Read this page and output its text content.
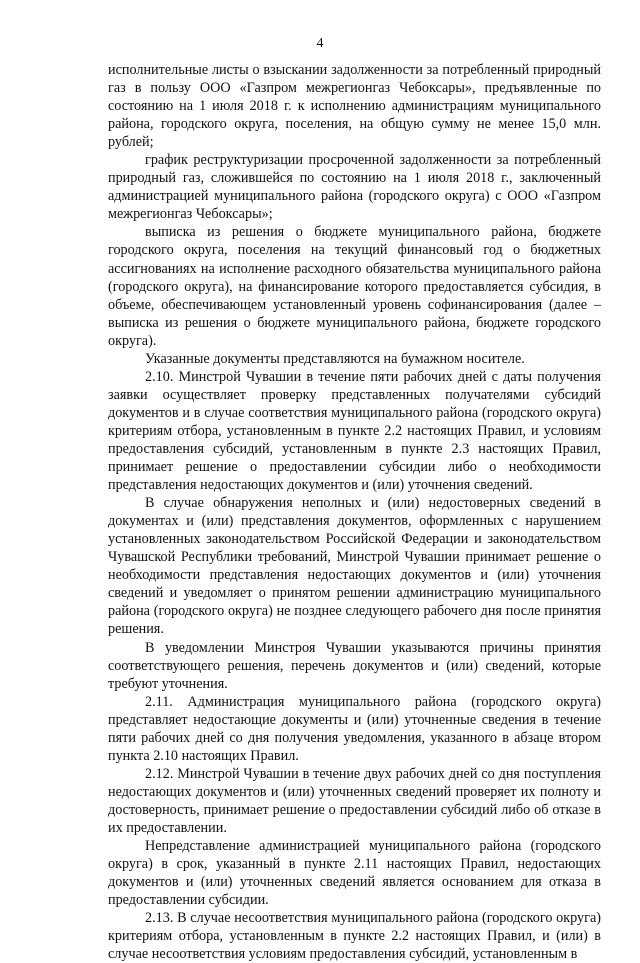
4

исполнительные листы о взыскании задолженности за потребленный природный газ в пользу ООО «Газпром межрегионгаз Чебоксары», предъявленные по состоянию на 1 июля 2018 г. к исполнению администрациям муниципального района, городского округа, поселения, на общую сумму не менее 15,0 млн. рублей;

график реструктуризации просроченной задолженности за потребленный природный газ, сложившейся по состоянию на 1 июля 2018 г., заключенный администрацией муниципального района (городского округа) с ООО «Газпром межрегионгаз Чебоксары»;

выписка из решения о бюджете муниципального района, бюджете городского округа, поселения на текущий финансовый год о бюджетных ассигнованиях на исполнение расходного обязательства муниципального района (городского округа), на финансирование которого предоставляется субсидия, в объеме, обеспечивающем установленный уровень софинансирования (далее – выписка из решения о бюджете муниципального района, бюджете городского округа).

Указанные документы представляются на бумажном носителе.

2.10. Минстрой Чувашии в течение пяти рабочих дней с даты получения заявки осуществляет проверку представленных получателями субсидий документов и в случае соответствия муниципального района (городского округа) критериям отбора, установленным в пункте 2.2 настоящих Правил, и условиям предоставления субсидий, установленным в пункте 2.3 настоящих Правил, принимает решение о предоставлении субсидии либо о необходимости представления недостающих документов и (или) уточнения сведений.

В случае обнаружения неполных и (или) недостоверных сведений в документах и (или) представления документов, оформленных с нарушением установленных законодательством Российской Федерации и законодательством Чувашской Республики требований, Минстрой Чувашии принимает решение о необходимости представления недостающих документов и (или) уточнения сведений и уведомляет о принятом решении администрацию муниципального района (городского округа) не позднее следующего рабочего дня после принятия решения.

В уведомлении Минстроя Чувашии указываются причины принятия соответствующего решения, перечень документов и (или) сведений, которые требуют уточнения.

2.11. Администрация муниципального района (городского округа) представляет недостающие документы и (или) уточненные сведения в течение пяти рабочих дней со дня получения уведомления, указанного в абзаце втором пункта 2.10 настоящих Правил.

2.12. Минстрой Чувашии в течение двух рабочих дней со дня поступления недостающих документов и (или) уточненных сведений проверяет их полноту и достоверность, принимает решение о предоставлении субсидий либо об отказе в их предоставлении.

Непредставление администрацией муниципального района (городского округа) в срок, указанный в пункте 2.11 настоящих Правил, недостающих документов и (или) уточненных сведений является основанием для отказа в предоставлении субсидии.

2.13. В случае несоответствия муниципального района (городского округа) критериям отбора, установленным в пункте 2.2 настоящих Правил, и (или) в случае несоответствия условиям предоставления субсидий, установленным в
